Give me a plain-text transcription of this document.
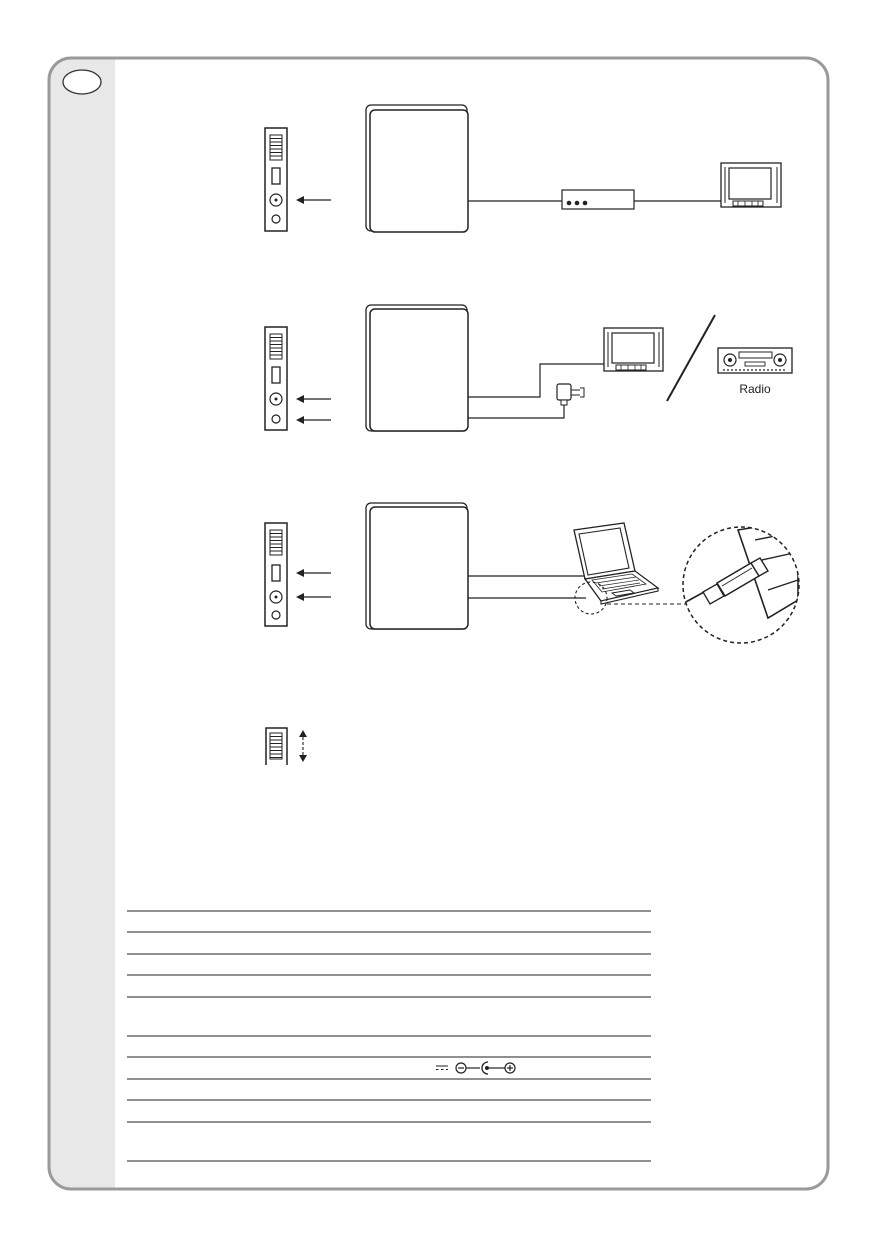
Radio
